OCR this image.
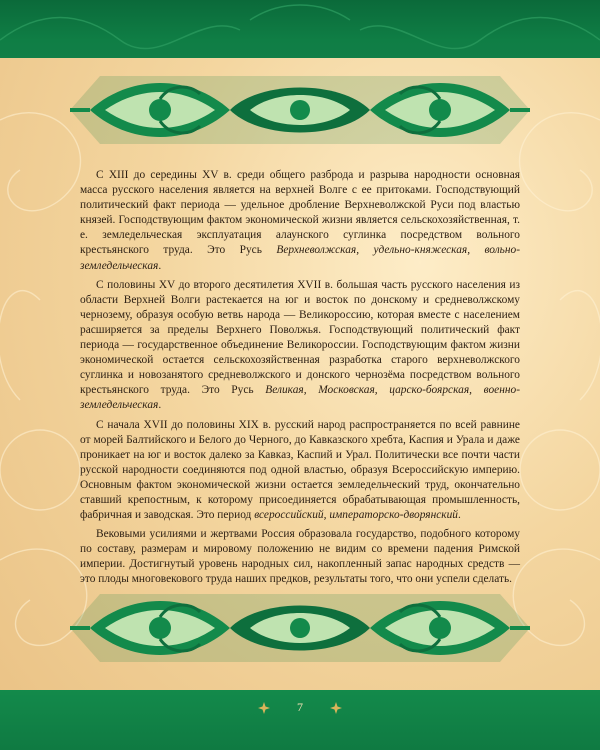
С XIII до середины XV в. среди общего разброда и разрыва народности основная масса русского населения является на верхней Волге с ее притоками. Господствующий политический факт периода — удельное дробление Верхневолжской Руси под властью князей. Господствующим фактом экономической жизни является сельскохозяйственная, т. е. земледельческая эксплуатация алаунского суглинка посредством вольного крестьянского труда. Это Русь Верхневолжская, удельно-княжеская, вольно-земледельческая.

С половины XV до второго десятилетия XVII в. большая часть русского населения из области Верхней Волги растекается на юг и восток по донскому и средневолжскому чернозему, образуя особую ветвь народа — Великороссию, которая вместе с населением расширяется за пределы Верхнего Поволжья. Господствующий политический факт периода — государственное объединение Великороссии. Господствующим фактом жизни экономической остается сельскохозяйственная разработка старого верхневолжского суглинка и новозанятого средневолжского и донского чернозёма посредством вольного крестьянского труда. Это Русь Великая, Московская, царско-боярская, военно-земледельческая.

С начала XVII до половины XIX в. русский народ распространяется по всей равнине от морей Балтийского и Белого до Черного, до Кавказского хребта, Каспия и Урала и даже проникает на юг и восток далеко за Кавказ, Каспий и Урал. Политически все почти части русской народности соединяются под одной властью, образуя Всероссийскую империю. Основным фактом экономической жизни остается земледельческий труд, окончательно ставший крепостным, к которому присоединяется обрабатывающая промышленность, фабричная и заводская. Это период всероссийский, императорско-дворянский.

Вековыми усилиями и жертвами Россия образовала государство, подобного которому по составу, размерам и мировому положению не видим со времени падения Римской империи. Достигнутый уровень народных сил, накопленный запас народных средств — это плоды многовекового труда наших предков, результаты того, что они успели сделать.

7
